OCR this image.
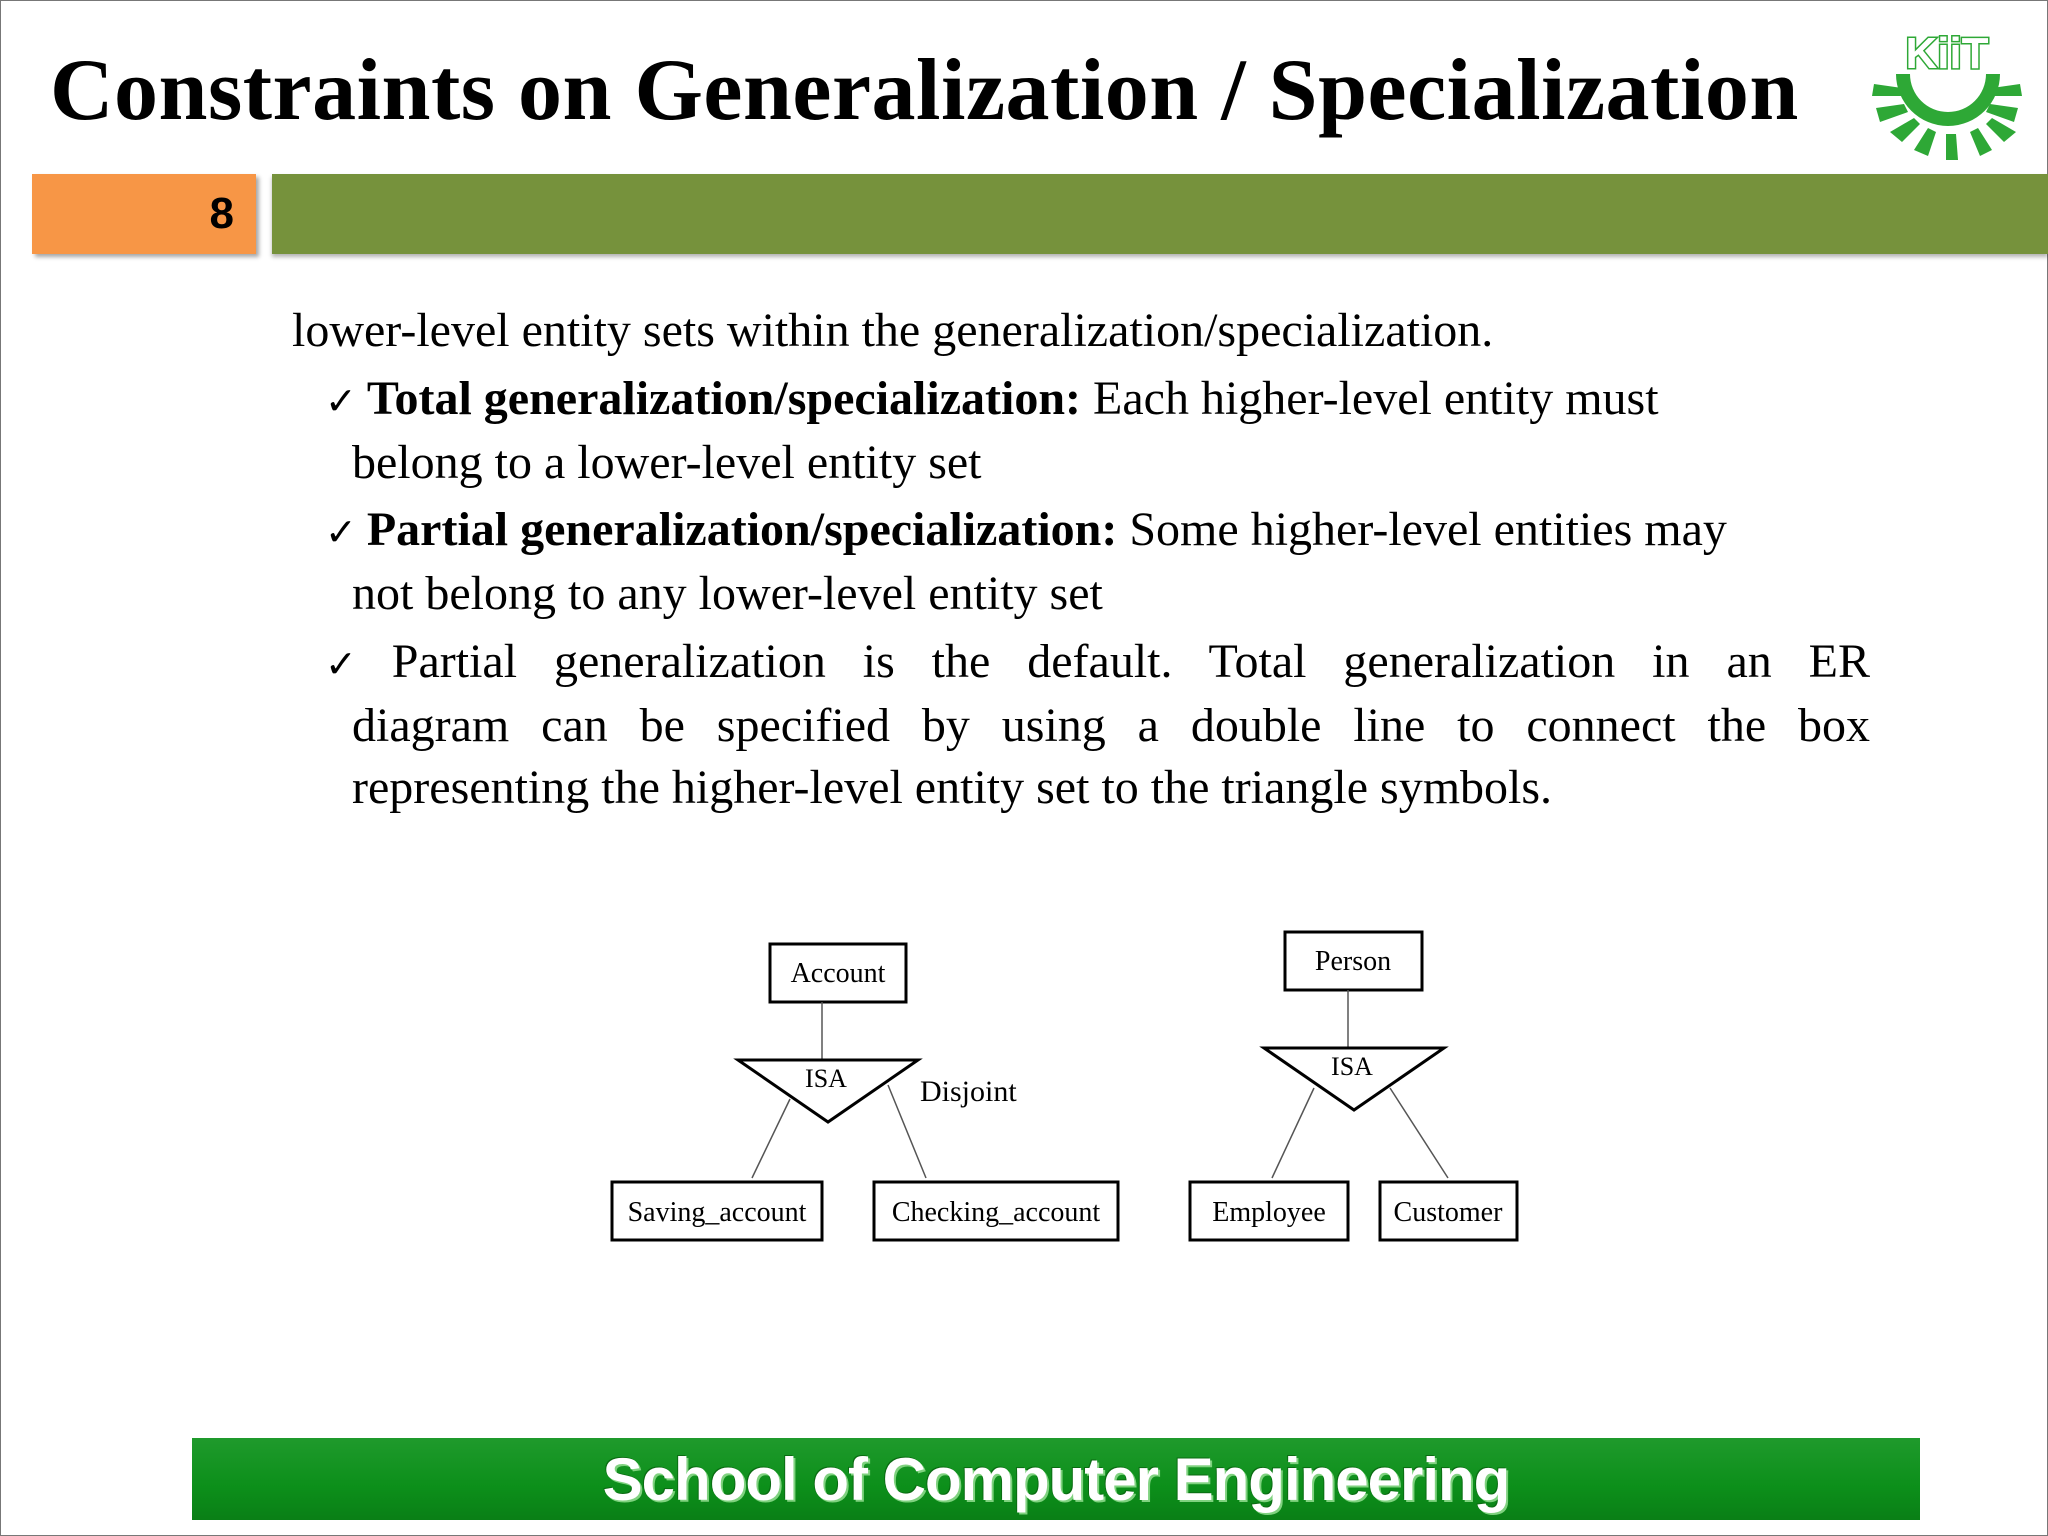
Constraints on Generalization / Specialization KiiT
8
lower-level entity sets within the generalization/specialization.
✓ Total generalization/specialization: Each higher-level entity must
belong to a lower-level entity set
✓ Partial generalization/specialization: Some higher-level entities may
not belong to any lower-level entity set
✓ Partial generalization is the default. Total generalization in an ER
diagram can be specified by using a double line to connect the box
representing the higher-level entity set to the triangle symbols.
Account
ISA Disjoint
Saving_account	Checking_account
Person
ISA
Employee Customer
School of Computer Engineering
